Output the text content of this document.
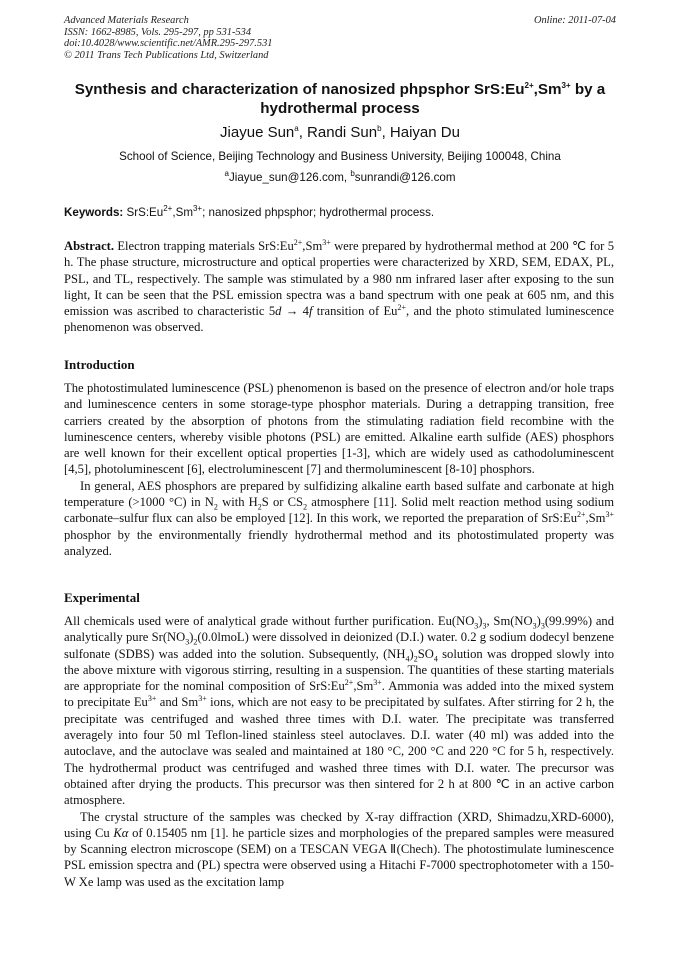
Advanced Materials Research
ISSN: 1662-8985, Vols. 295-297, pp 531-534
doi:10.4028/www.scientific.net/AMR.295-297.531
© 2011 Trans Tech Publications Ltd, Switzerland
Online: 2011-07-04
Synthesis and characterization of nanosized phpsphor $SrS:Eu^{2+},Sm^{3+}$ by a hydrothermal process
Jiayue Sun$^a$, Randi Sun$^b$, Haiyan Du
School of Science, Beijing Technology and Business University, Beijing 100048, China
$^a$Jiayue_sun@126.com, $^b$sunrandi@126.com
Keywords: $SrS:Eu^{2+},Sm^{3+}$; nanosized phpsphor; hydrothermal process.

Abstract. Electron trapping materials $SrS:Eu^{2+},Sm^{3+}$ were prepared by hydrothermal method at 200 ℃ for 5 h. The phase structure, microstructure and optical properties were characterized by XRD, SEM, EDAX, PL, PSL, and TL, respectively. The sample was stimulated by a 980 nm infrared laser after exposing to the sun light, It can be seen that the PSL emission spectra was a band spectrum with one peak at 605 nm, and this emission was ascribed to characteristic 5d → 4f transition of $Eu^{2+}$, and the photo stimulated luminescence phenomenon was observed.

Introduction

The photostimulated luminescence (PSL) phenomenon is based on the presence of electron and/or hole traps and luminescence centers in some storage-type phosphor materials. During a detrapping transition, free carriers created by the absorption of photons from the stimulating radiation field recombine with the luminescence centers, whereby visible photons (PSL) are emitted. Alkaline earth sulfide (AES) phosphors are well known for their excellent optical properties [1-3], which are widely used as cathodoluminescent [4,5], photoluminescent [6], electroluminescent [7] and thermoluminescent [8-10] phosphors.

In general, AES phosphors are prepared by sulfidizing alkaline earth based sulfate and carbonate at high temperature (>1000 °C) in $N_2$ with $H_2S$ or $CS_2$ atmosphere [11]. Solid melt reaction method using sodium carbonate–sulfur flux can also be employed [12]. In this work, we reported the preparation of $SrS:Eu^{2+},Sm^{3+}$ phosphor by the environmentally friendly hydrothermal method and its photostimulated property was analyzed.

Experimental

All chemicals used were of analytical grade without further purification. $Eu(NO_3)_3$, $Sm(NO_3)_3(99.99\%)$ and analytically pure $Sr(NO_3)_2(0.0lmoL)$ were dissolved in deionized (D.I.) water. 0.2 g sodium dodecyl benzene sulfonate (SDBS) was added into the solution. Subsequently, $(NH_4)_2SO_4$ solution was dropped slowly into the above mixture with vigorous stirring, resulting in a suspension. The quantities of these starting materials are appropriate for the nominal composition of $SrS:Eu^{2+},Sm^{3+}$. Ammonia was added into the mixed system to precipitate $Eu^{3+}$ and $Sm^{3+}$ ions, which are not easy to be precipitated by sulfates. After stirring for 2 h, the precipitate was centrifuged and washed three times with D.I. water. The precipitate was transferred averagely into four 50 ml Teflon-lined stainless steel autoclaves. D.I. water (40 ml) was added into the autoclave, and the autoclave was sealed and maintained at 180 °C, 200 °C and 220 °C for 5 h, respectively. The hydrothermal product was centrifuged and washed three times with D.I. water. The precursor was obtained after drying the products. This precursor was then sintered for 2 h at 800 ℃ in an active carbon atmosphere.

The crystal structure of the samples was checked by X-ray diffraction (XRD, Shimadzu,XRD-6000), using Cu Kα of 0.15405 nm [1]. he particle sizes and morphologies of the prepared samples were measured by Scanning electron microscope (SEM) on a TESCAN VEGA Ⅱ(Chech). The photostimulate luminescence PSL emission spectra and (PL) spectra were observed using a Hitachi F-7000 spectrophotometer with a 150-W Xe lamp was used as the excitation lamp
